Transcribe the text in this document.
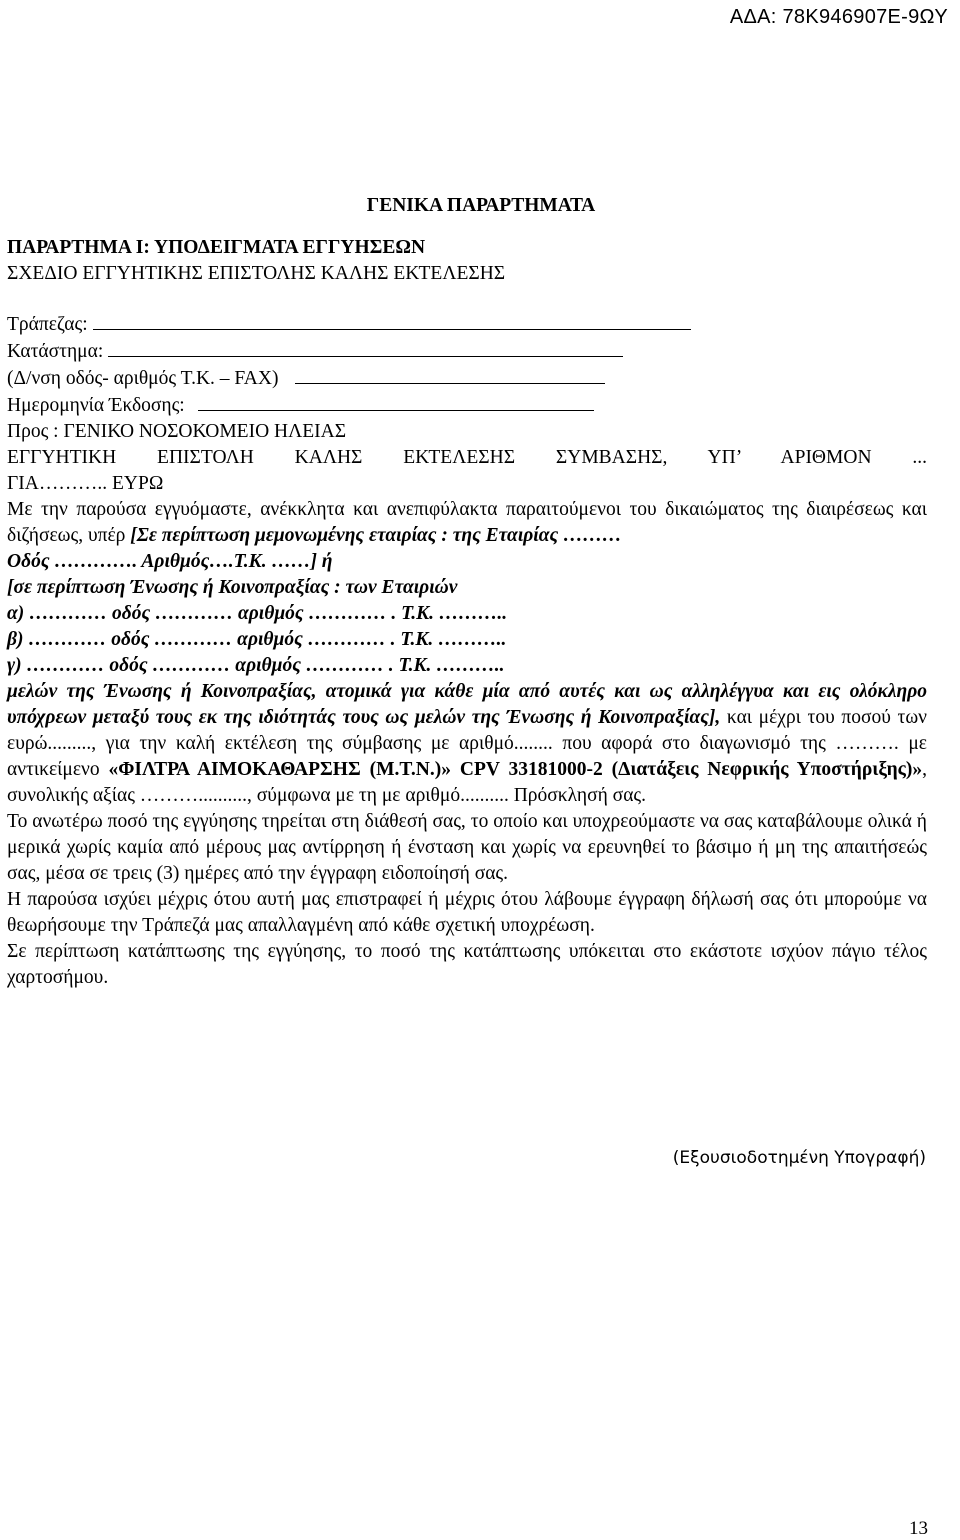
ΑΔΑ: 78Κ946907Ε-9ΩΥ
ΓΕΝΙΚΑ ΠΑΡΑΡΤΗΜΑΤΑ
ΠΑΡΑΡΤΗΜΑ Ι: ΥΠΟΔΕΙΓΜΑΤΑ ΕΓΓΥΗΣΕΩΝ
ΣΧΕΔΙΟ ΕΓΓΥΗΤΙΚΗΣ ΕΠΙΣΤΟΛΗΣ ΚΑΛΗΣ ΕΚΤΕΛΕΣΗΣ
Τράπεζας:
Κατάστημα:
(Δ/νση οδός- αριθμός Τ.Κ. – FAX)
Ημερομηνία Έκδοσης:
Προς : ΓΕΝΙΚΟ ΝΟΣΟΚΟΜΕΙΟ ΗΛΕΙΑΣ
ΕΓΓΥΗΤΙΚΗ ΕΠΙΣΤΟΛΗ ΚΑΛΗΣ ΕΚΤΕΛΕΣΗΣ ΣΥΜΒΑΣΗΣ, ΥΠ’ ΑΡΙΘΜΟΝ ...
ΓΙΑ……….. ΕΥΡΩ

Με την παρούσα εγγυόμαστε, ανέκκλητα και ανεπιφύλακτα παραιτούμενοι του δικαιώματος της διαιρέσεως και διζήσεως, υπέρ [Σε περίπτωση μεμονωμένης εταιρίας : της Εταιρίας ………

Οδός …………. Αριθμός….Τ.Κ. ……] ή
[σε περίπτωση Ένωσης ή Κοινοπραξίας : των Εταιριών
α) ………… οδός ………… αριθμός ………… . Τ.Κ. ………..
β) ………… οδός ………… αριθμός ………… . Τ.Κ. ………..
γ) ………… οδός ………… αριθμός ………… . Τ.Κ. ………..

μελών της Ένωσης ή Κοινοπραξίας, ατομικά για κάθε μία από αυτές και ως αλληλέγγυα και εις ολόκληρο υπόχρεων μεταξύ τους εκ της ιδιότητάς τους ως μελών της Ένωσης ή Κοινοπραξίας], και μέχρι του ποσού των ευρώ........., για την καλή εκτέλεση της σύμβασης με αριθμό........ που αφορά στο διαγωνισμό της ………. με αντικείμενο «ΦΙΛΤΡΑ ΑΙΜΟΚΑΘΑΡΣΗΣ (Μ.Τ.Ν.)» CPV 33181000-2 (Διατάξεις Νεφρικής Υποστήριξης)», συνολικής αξίας ……….........., σύμφωνα με τη με αριθμό.......... Πρόσκλησή σας.

Το ανωτέρω ποσό της εγγύησης τηρείται στη διάθεσή σας, το οποίο και υποχρεούμαστε να σας καταβάλουμε ολικά ή μερικά χωρίς καμία από μέρους μας αντίρρηση ή ένσταση και χωρίς να ερευνηθεί το βάσιμο ή μη της απαιτήσεώς σας, μέσα σε τρεις (3) ημέρες από την έγγραφη ειδοποίησή σας.

Η παρούσα ισχύει μέχρις ότου αυτή μας επιστραφεί ή μέχρις ότου λάβουμε έγγραφη δήλωσή σας ότι μπορούμε να θεωρήσουμε την Τράπεζά μας απαλλαγμένη από κάθε σχετική υποχρέωση.

Σε περίπτωση κατάπτωσης της εγγύησης, το ποσό της κατάπτωσης υπόκειται στο εκάστοτε ισχύον πάγιο τέλος χαρτοσήμου.

(Εξουσιοδοτημένη Υπογραφή)
13
